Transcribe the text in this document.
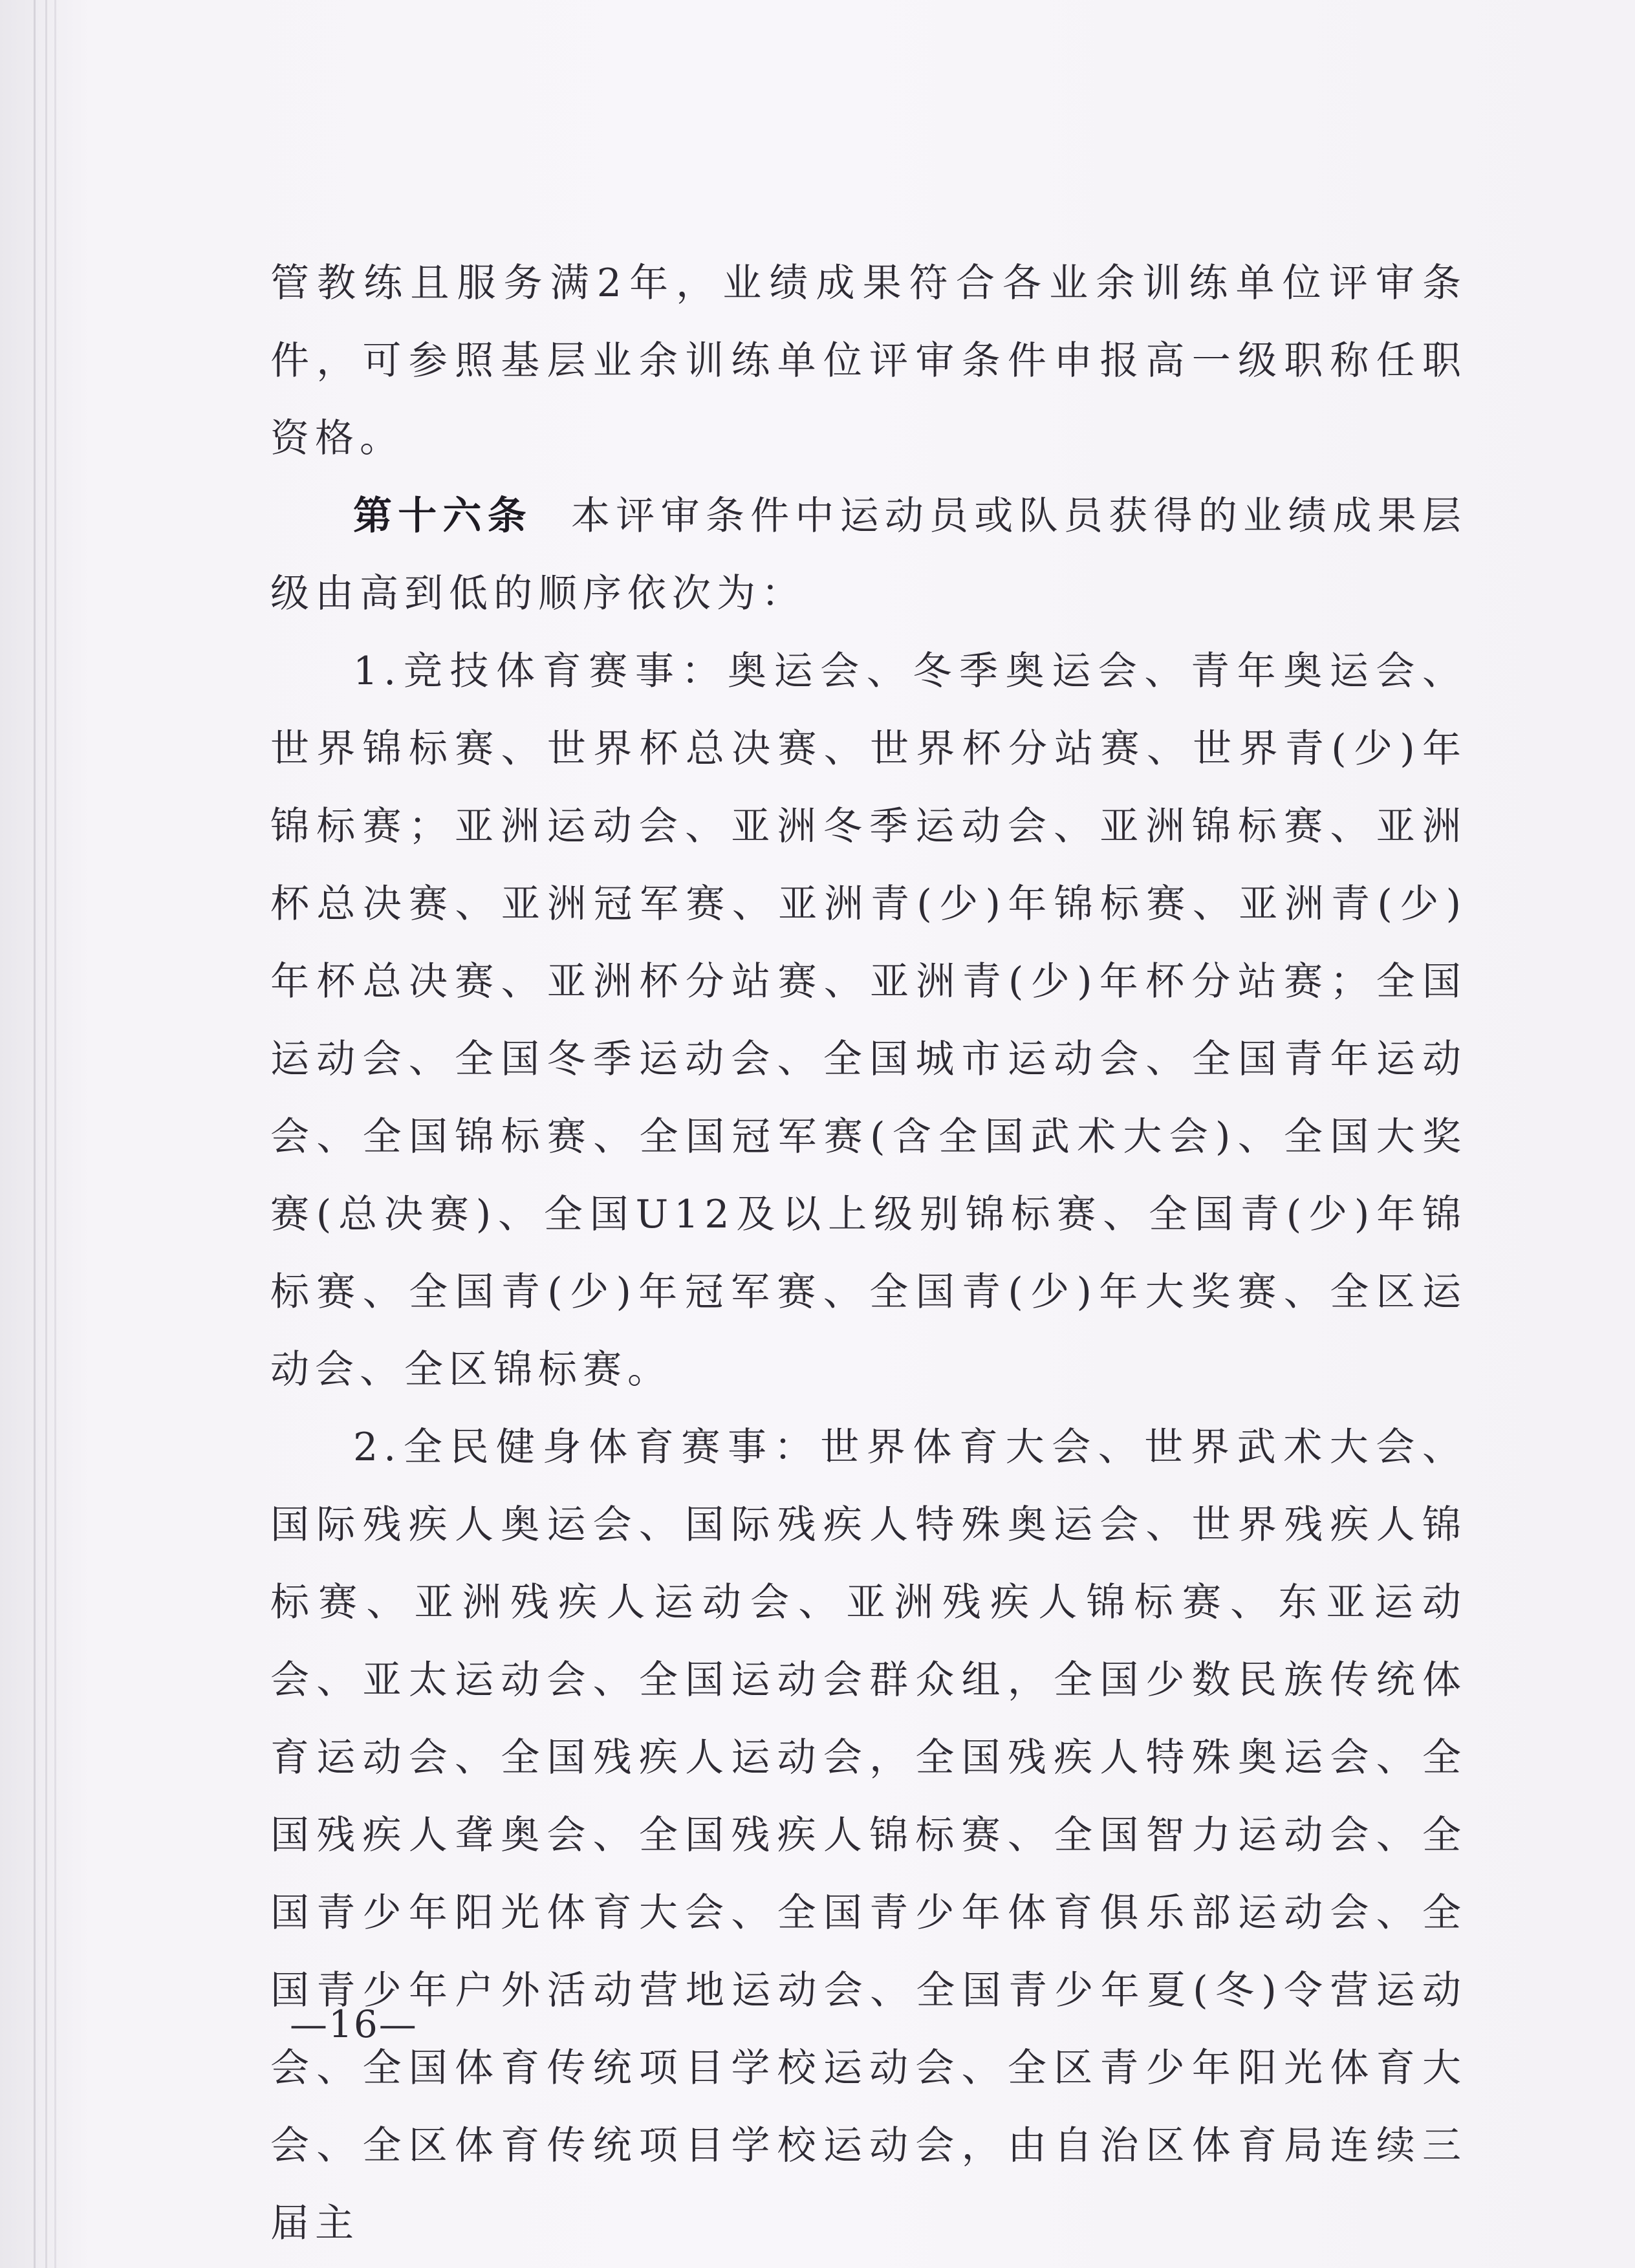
管教练且服务满2年，业绩成果符合各业余训练单位评审条件，可参照基层业余训练单位评审条件申报高一级职称任职资格。

第十六条 本评审条件中运动员或队员获得的业绩成果层级由高到低的顺序依次为：

1.竞技体育赛事：奥运会、冬季奥运会、青年奥运会、世界锦标赛、世界杯总决赛、世界杯分站赛、世界青(少)年锦标赛；亚洲运动会、亚洲冬季运动会、亚洲锦标赛、亚洲杯总决赛、亚洲冠军赛、亚洲青(少)年锦标赛、亚洲青(少)年杯总决赛、亚洲杯分站赛、亚洲青(少)年杯分站赛；全国运动会、全国冬季运动会、全国城市运动会、全国青年运动会、全国锦标赛、全国冠军赛(含全国武术大会)、全国大奖赛(总决赛)、全国U12及以上级别锦标赛、全国青(少)年锦标赛、全国青(少)年冠军赛、全国青(少)年大奖赛、全区运动会、全区锦标赛。

2.全民健身体育赛事：世界体育大会、世界武术大会、国际残疾人奥运会、国际残疾人特殊奥运会、世界残疾人锦标赛、亚洲残疾人运动会、亚洲残疾人锦标赛、东亚运动会、亚太运动会、全国运动会群众组，全国少数民族传统体育运动会、全国残疾人运动会，全国残疾人特殊奥运会、全国残疾人聋奥会、全国残疾人锦标赛、全国智力运动会、全国青少年阳光体育大会、全国青少年体育俱乐部运动会、全国青少年户外活动营地运动会、全国青少年夏(冬)令营运动会、全国体育传统项目学校运动会、全区青少年阳光体育大会、全区体育传统项目学校运动会，由自治区体育局连续三届主

—16—
